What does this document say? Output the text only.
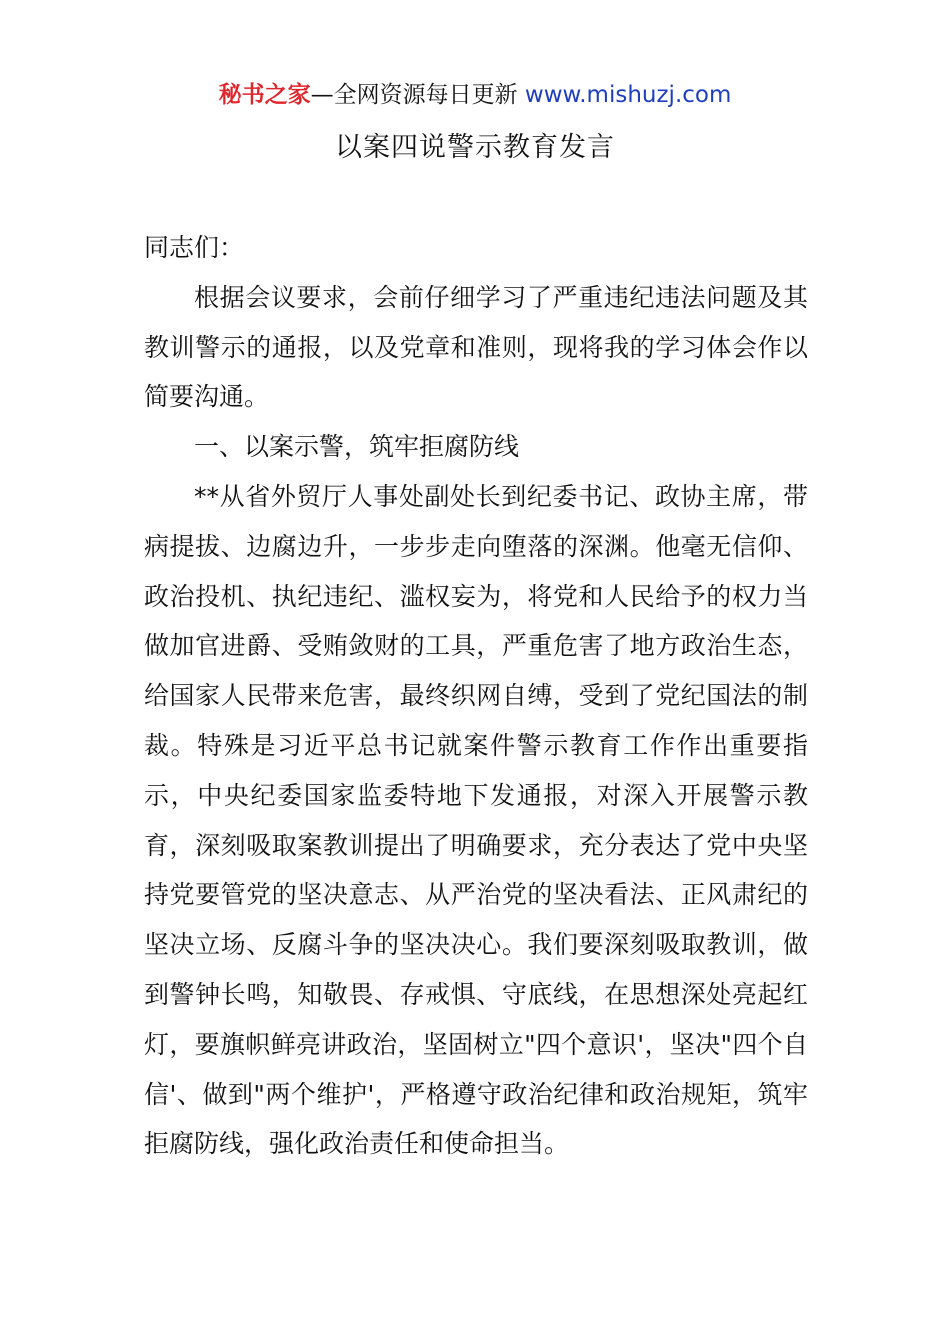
秘书之家—全网资源每日更新 www.mishuzj.com
以案四说警示教育发言

同志们：

根据会议要求，会前仔细学习了严重违纪违法问题及其教训警示的通报，以及党章和准则，现将我的学习体会作以简要沟通。

一、以案示警，筑牢拒腐防线

**从省外贸厅人事处副处长到纪委书记、政协主席，带病提拔、边腐边升，一步步走向堕落的深渊。他毫无信仰、政治投机、执纪违纪、滥权妄为，将党和人民给予的权力当做加官进爵、受贿敛财的工具，严重危害了地方政治生态，给国家人民带来危害，最终织网自缚，受到了党纪国法的制裁。特殊是习近平总书记就案件警示教育工作作出重要指示，中央纪委国家监委特地下发通报，对深入开展警示教育，深刻吸取案教训提出了明确要求，充分表达了党中央坚持党要管党的坚决意志、从严治党的坚决看法、正风肃纪的坚决立场、反腐斗争的坚决决心。我们要深刻吸取教训，做到警钟长鸣，知敬畏、存戒惧、守底线，在思想深处亮起红灯，要旗帜鲜亮讲政治，坚固树立"四个意识'，坚决"四个自信'、做到"两个维护'，严格遵守政治纪律和政治规矩，筑牢拒腐防线，强化政治责任和使命担当。
